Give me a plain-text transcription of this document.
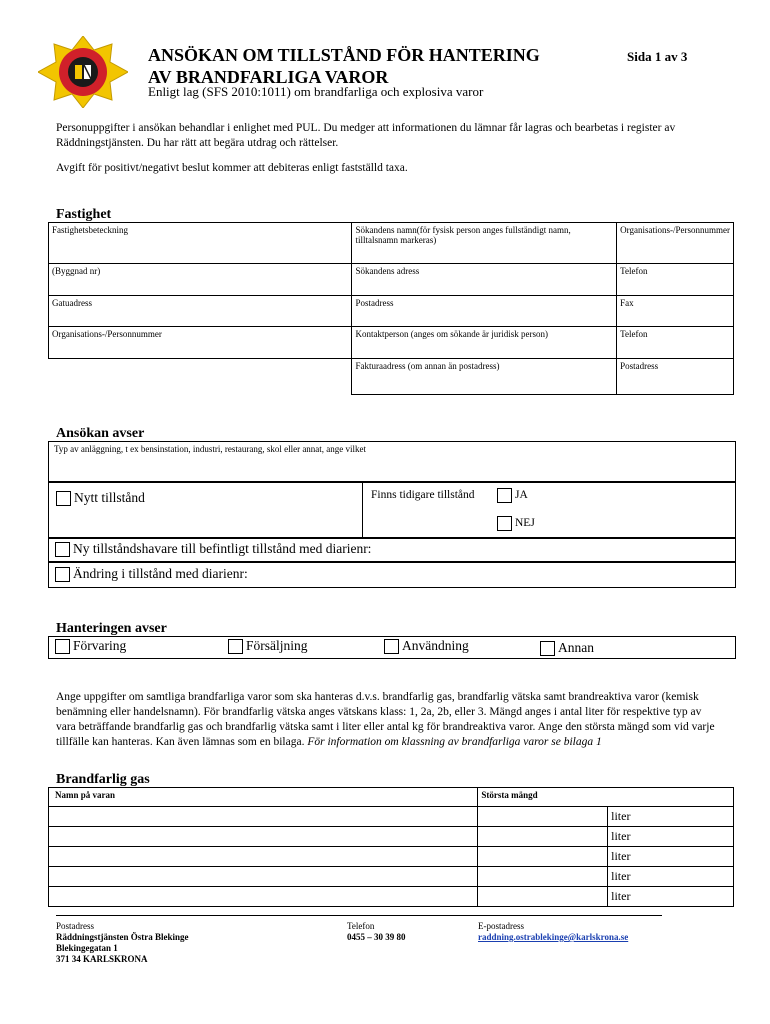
ANSÖKAN OM TILLSTÅND FÖR HANTERING
AV BRANDFARLIGA VAROR
Sida 1 av 3
Enligt lag (SFS 2010:1011) om brandfarliga och explosiva varor
Personuppgifter i ansökan behandlar i enlighet med PUL. Du medger att informationen du lämnar får lagras och bearbetas i register av Räddningstjänsten. Du har rätt att begära utdrag och rättelser.
Avgift för positivt/negativt beslut kommer att debiteras enligt fastställd taxa.
Fastighet
Fastighetsbeteckning	Sökandens namn(för fysisk person anges fullständigt namn, tilltalsnamn markeras)	Organisations-/Personnummer
(Byggnad nr)	Sökandens adress	Telefon
Gatuadress	Postadress	Fax
Organisations-/Personnummer	Kontaktperson (anges om sökande är juridisk person)	Telefon
	Fakturaadress (om annan än postadress)	Postadress
Ansökan avser
Typ av anläggning, t ex bensinstation, industri, restaurang, skol eller annat, ange vilket
Nytt tillstånd	Finns tidigare tillstånd	JA
NEJ
Ny tillståndshavare till befintligt tillstånd med diarienr:
Ändring i tillstånd med diarienr:
Hanteringen avser
Förvaring	Försäljning	Användning	Annan
Ange uppgifter om samtliga brandfarliga varor som ska hanteras d.v.s. brandfarlig gas, brandfarlig vätska samt brandreaktiva varor (kemisk benämning eller handelsnamn). För brandfarlig vätska anges vätskans klass: 1, 2a, 2b, eller 3. Mängd anges i antal liter för respektive typ av vara beträffande brandfarlig gas och brandfarlig vätska samt i liter eller antal kg för brandreaktiva varor. Ange den största mängd som vid varje tillfälle kan hanteras. Kan även lämnas som en bilaga. För information om klassning av brandfarliga varor se bilaga 1
Brandfarlig gas
Namn på varan	Största mängd	
		liter
		liter
		liter
		liter
		liter
Postadress
Räddningstjänsten Östra Blekinge
Blekingegatan 1
371 34 KARLSKRONA
Telefon
0455 – 30 39 80
E-postadress
raddning.ostrablekinge@karlskrona.se
